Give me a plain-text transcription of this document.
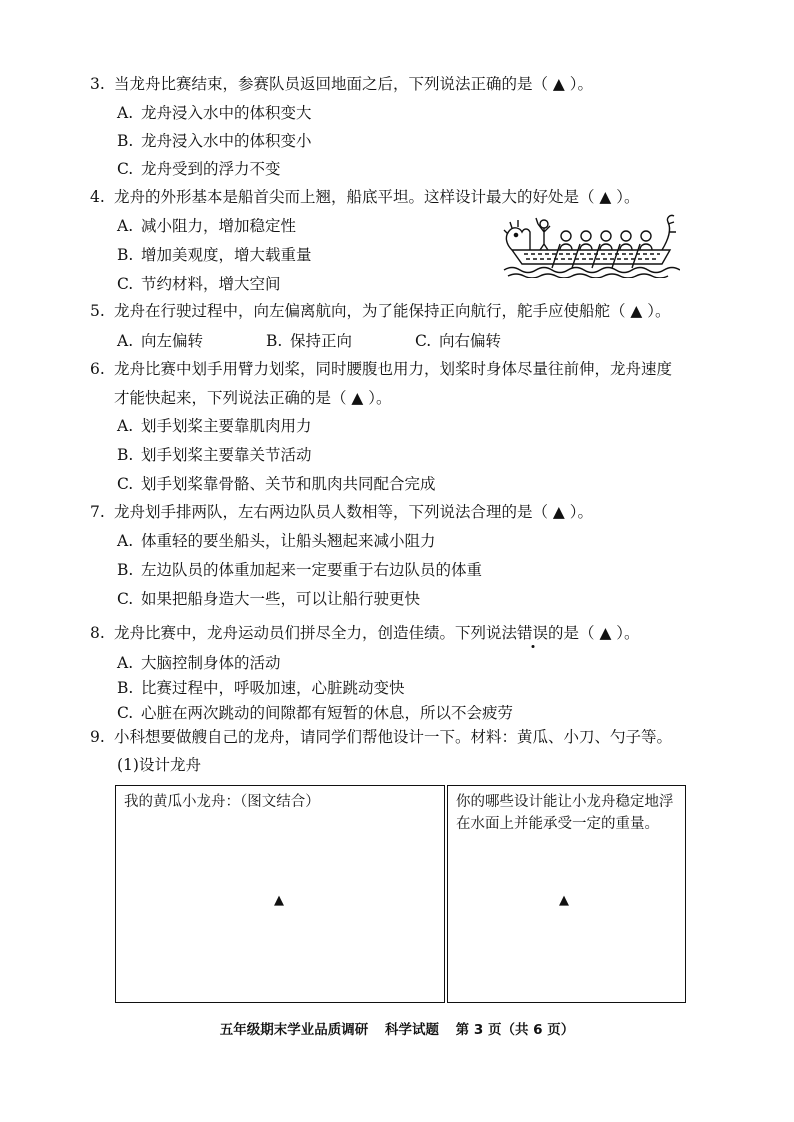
3. 当龙舟比赛结束，参赛队员返回地面之后，下列说法正确的是（ ▲ ）。
A. 龙舟浸入水中的体积变大
B. 龙舟浸入水中的体积变小
C. 龙舟受到的浮力不变
4. 龙舟的外形基本是船首尖而上翘，船底平坦。这样设计最大的好处是（ ▲ ）。
A. 减小阻力，增加稳定性
B. 增加美观度，增大载重量
C. 节约材料，增大空间
5. 龙舟在行驶过程中，向左偏离航向，为了能保持正向航行，舵手应使船舵（ ▲ ）。
A. 向左偏转	B. 保持正向	C. 向右偏转
6. 龙舟比赛中划手用臂力划桨，同时腰腹也用力，划桨时身体尽量往前伸，龙舟速度
才能快起来，下列说法正确的是（ ▲ ）。
A. 划手划桨主要靠肌肉用力
B. 划手划桨主要靠关节活动
C. 划手划桨靠骨骼、关节和肌肉共同配合完成
7. 龙舟划手排两队，左右两边队员人数相等，下列说法合理的是（ ▲ ）。
A. 体重轻的要坐船头，让船头翘起来减小阻力
B. 左边队员的体重加起来一定要重于右边队员的体重
C. 如果把船身造大一些，可以让船行驶更快
8. 龙舟比赛中，龙舟运动员们拼尽全力，创造佳绩。下列说法错误的是（ ▲ ）。
A. 大脑控制身体的活动
B. 比赛过程中，呼吸加速，心脏跳动变快
C. 心脏在两次跳动的间隙都有短暂的休息，所以不会疲劳
9. 小科想要做艘自己的龙舟，请同学们帮他设计一下。材料：黄瓜、小刀、勺子等。
(1)设计龙舟
我的黄瓜小龙舟：（图文结合）	你的哪些设计能让小龙舟稳定地浮
在水面上并能承受一定的重量。
▲	▲
五年级期末学业品质调研 科学试题 第 3 页（共 6 页）
